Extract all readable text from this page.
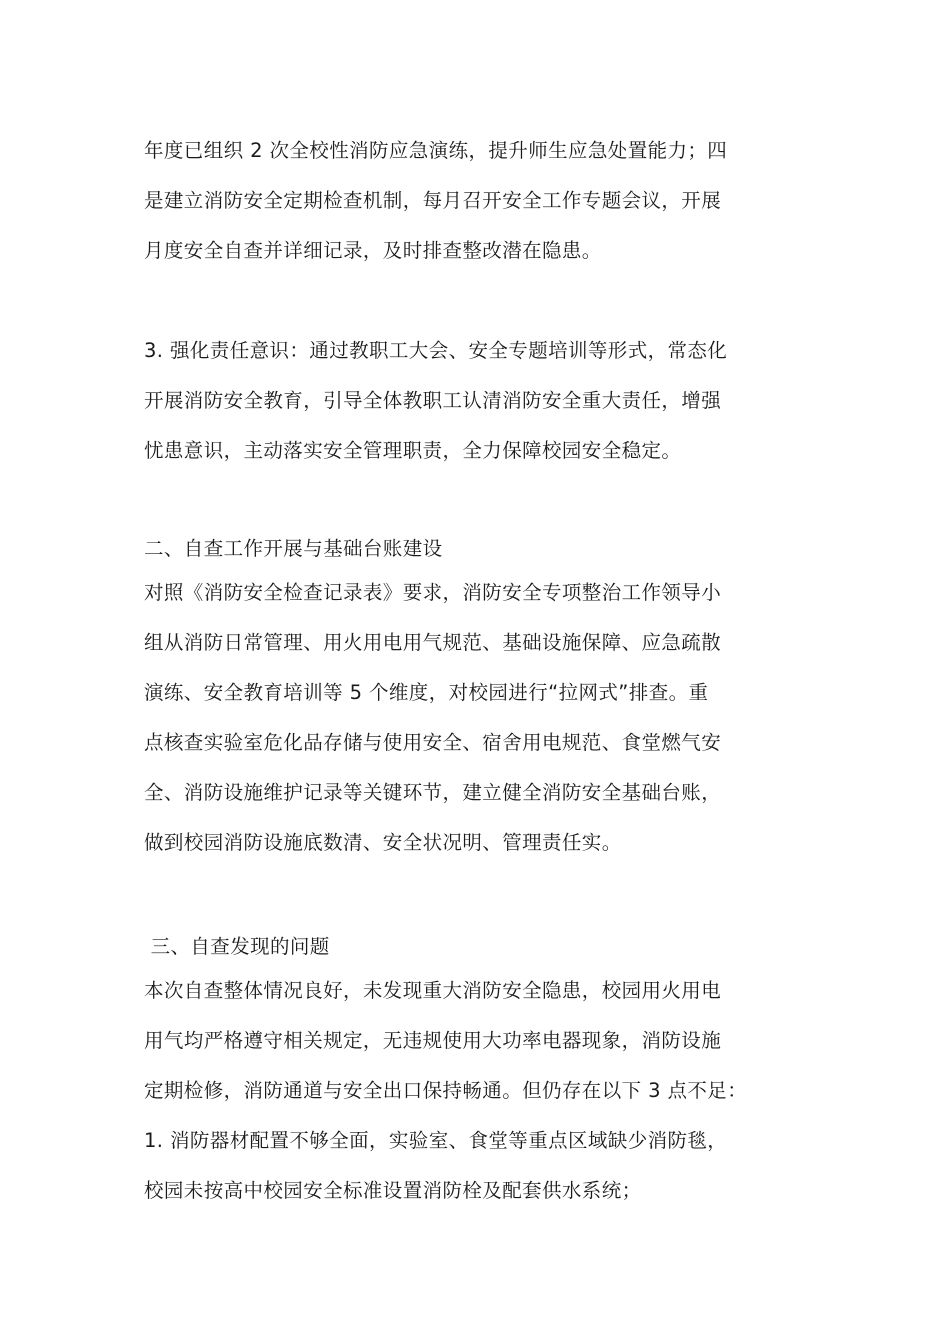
年度已组织 2 次全校性消防应急演练，提升师生应急处置能力；四
是建立消防安全定期检查机制，每月召开安全工作专题会议，开展
月度安全自查并详细记录，及时排查整改潜在隐患。
3. 强化责任意识：通过教职工大会、安全专题培训等形式，常态化
开展消防安全教育，引导全体教职工认清消防安全重大责任，增强
忧患意识，主动落实安全管理职责，全力保障校园安全稳定。
二、自查工作开展与基础台账建设
对照《消防安全检查记录表》要求，消防安全专项整治工作领导小
组从消防日常管理、用火用电用气规范、基础设施保障、应急疏散
演练、安全教育培训等 5 个维度，对校园进行“拉网式”排查。重
点核查实验室危化品存储与使用安全、宿舍用电规范、食堂燃气安
全、消防设施维护记录等关键环节，建立健全消防安全基础台账，
做到校园消防设施底数清、安全状况明、管理责任实。
三、自查发现的问题
本次自查整体情况良好，未发现重大消防安全隐患，校园用火用电
用气均严格遵守相关规定，无违规使用大功率电器现象，消防设施
定期检修，消防通道与安全出口保持畅通。但仍存在以下 3 点不足：
1. 消防器材配置不够全面，实验室、食堂等重点区域缺少消防毯，
校园未按高中校园安全标准设置消防栓及配套供水系统；
